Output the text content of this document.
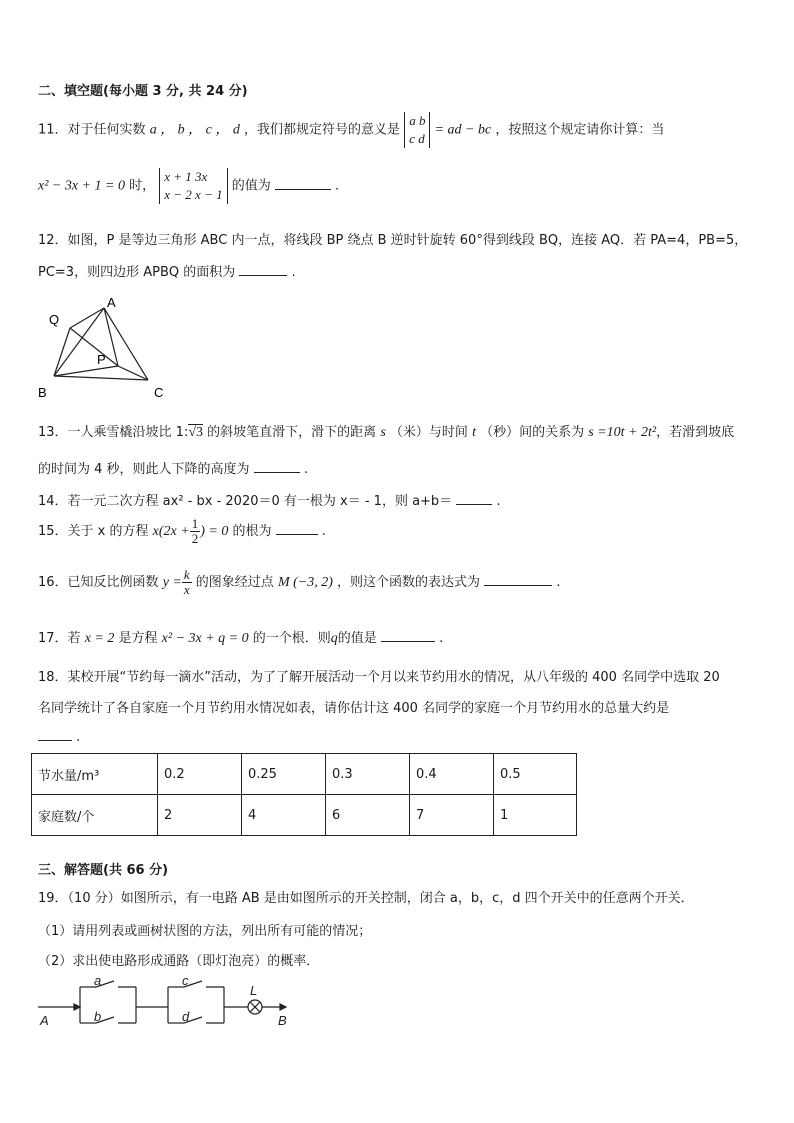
二、填空题(每小题 3 分, 共 24 分)
11．对于任何实数 a ， b ， c ， d ，我们都规定符号的意义是
a b
c d
= ad − bc ，按照这个规定请你计算：当
x² − 3x + 1 = 0 时，
x + 1 3x
x − 2 x − 1
的值为	.
12．如图，P 是等边三角形 ABC 内一点，将线段 BP 绕点 B 逆时针旋转 60°得到线段 BQ，连接 AQ．若 PA=4，PB=5，
PC=3，则四边形 APBQ 的面积为	.
Q
A
P
B	C
13．一人乘雪橇沿坡比 1:√3 的斜坡笔直滑下，滑下的距离 s （米）与时间 t （秒）间的关系为 s =10t + 2t²，若滑到坡底
的时间为 4 秒，则此人下降的高度为	.
14．若一元二次方程 ax² - bx - 2020＝0 有一根为 x＝ - 1，则 a+b＝	.
15．关于 x 的方程 $x(2x + \frac{1}{2}$ ) = 0 的根为	.
16．已知反比例函数 $y = \frac{k}{x}$ 的图象经过点 M (−3, 2) ，则这个函数的表达式为	.
17．若 x = 2 是方程 x² − 3x + q = 0 的一个根．则q的值是	.
18．某校开展“节约每一滴水”活动，为了了解开展活动一个月以来节约用水的情况，从八年级的 400 名同学中选取 20
名同学统计了各自家庭一个月节约用水情况如表，请你估计这 400 名同学的家庭一个月节约用水的总量大约是
.
节水量/m³	0.2	0.25	0.3	0.4	0.5
家庭数/个	2	4	6	7	1
三、解答题(共 66 分)
19．（10 分）如图所示，有一电路 AB 是由如图所示的开关控制，闭合 a，b，c，d 四个开关中的任意两个开关．
（1）请用列表或画树状图的方法，列出所有可能的情况；
（2）求出使电路形成通路（即灯泡亮）的概率．
a
b
c
d
L
A	B
